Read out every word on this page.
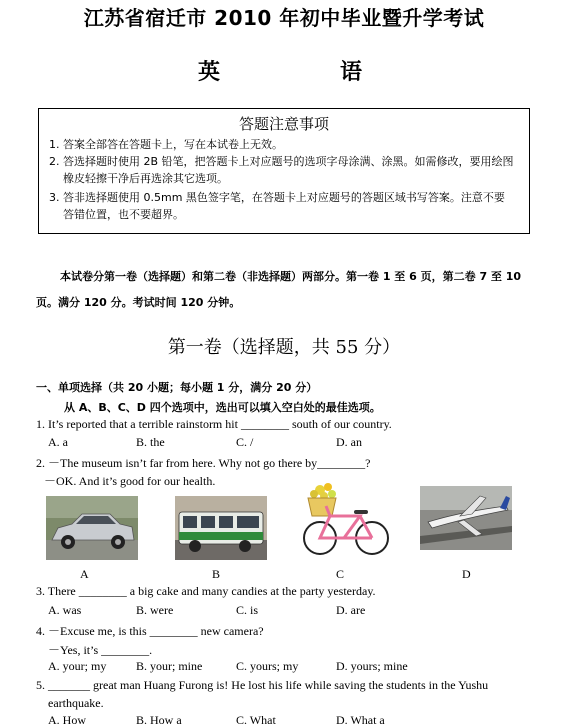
江苏省宿迁市 2010 年初中毕业暨升学考试
英	语
答题注意事项
1. 答案全部答在答题卡上，写在本试卷上无效。
2. 答选择题时使用 2B 铅笔，把答题卡上对应题号的选项字母涂满、涂黑。如需修改，要用绘图橡皮轻擦干净后再选涂其它选项。
3. 答非选择题使用 0.5mm 黑色签字笔，在答题卡上对应题号的答题区域书写答案。注意不要答错位置，也不要超界。
本试卷分第一卷（选择题）和第二卷（非选择题）两部分。第一卷 1 至 6 页，第二卷 7 至 10 页。满分 120 分。考试时间 120 分钟。
第一卷（选择题，共 55 分）
一、单项选择（共 20 小题；每小题 1 分，满分 20 分）
从 A、B、C、D 四个选项中，选出可以填入空白处的最佳选项。
1. It’s reported that a terrible rainstorm hit ________ south of our country.
A. a	B. the	C. /	D. an
2. －The museum isn’t far from here. Why not go there by________?
－OK. And it’s good for our health.
A	B	C	D
3. There ________ a big cake and many candies at the party yesterday.
A. was	B. were	C. is	D. are
4. －Excuse me, is this ________ new camera?
－Yes, it’s ________.
A. your; my B. your; mine	C. yours; my	D. yours; mine
5. _______ great man Huang Furong is! He lost his life while saving the students in the Yushu
earthquake.
A. How	B. How a	C. What	D. What a
